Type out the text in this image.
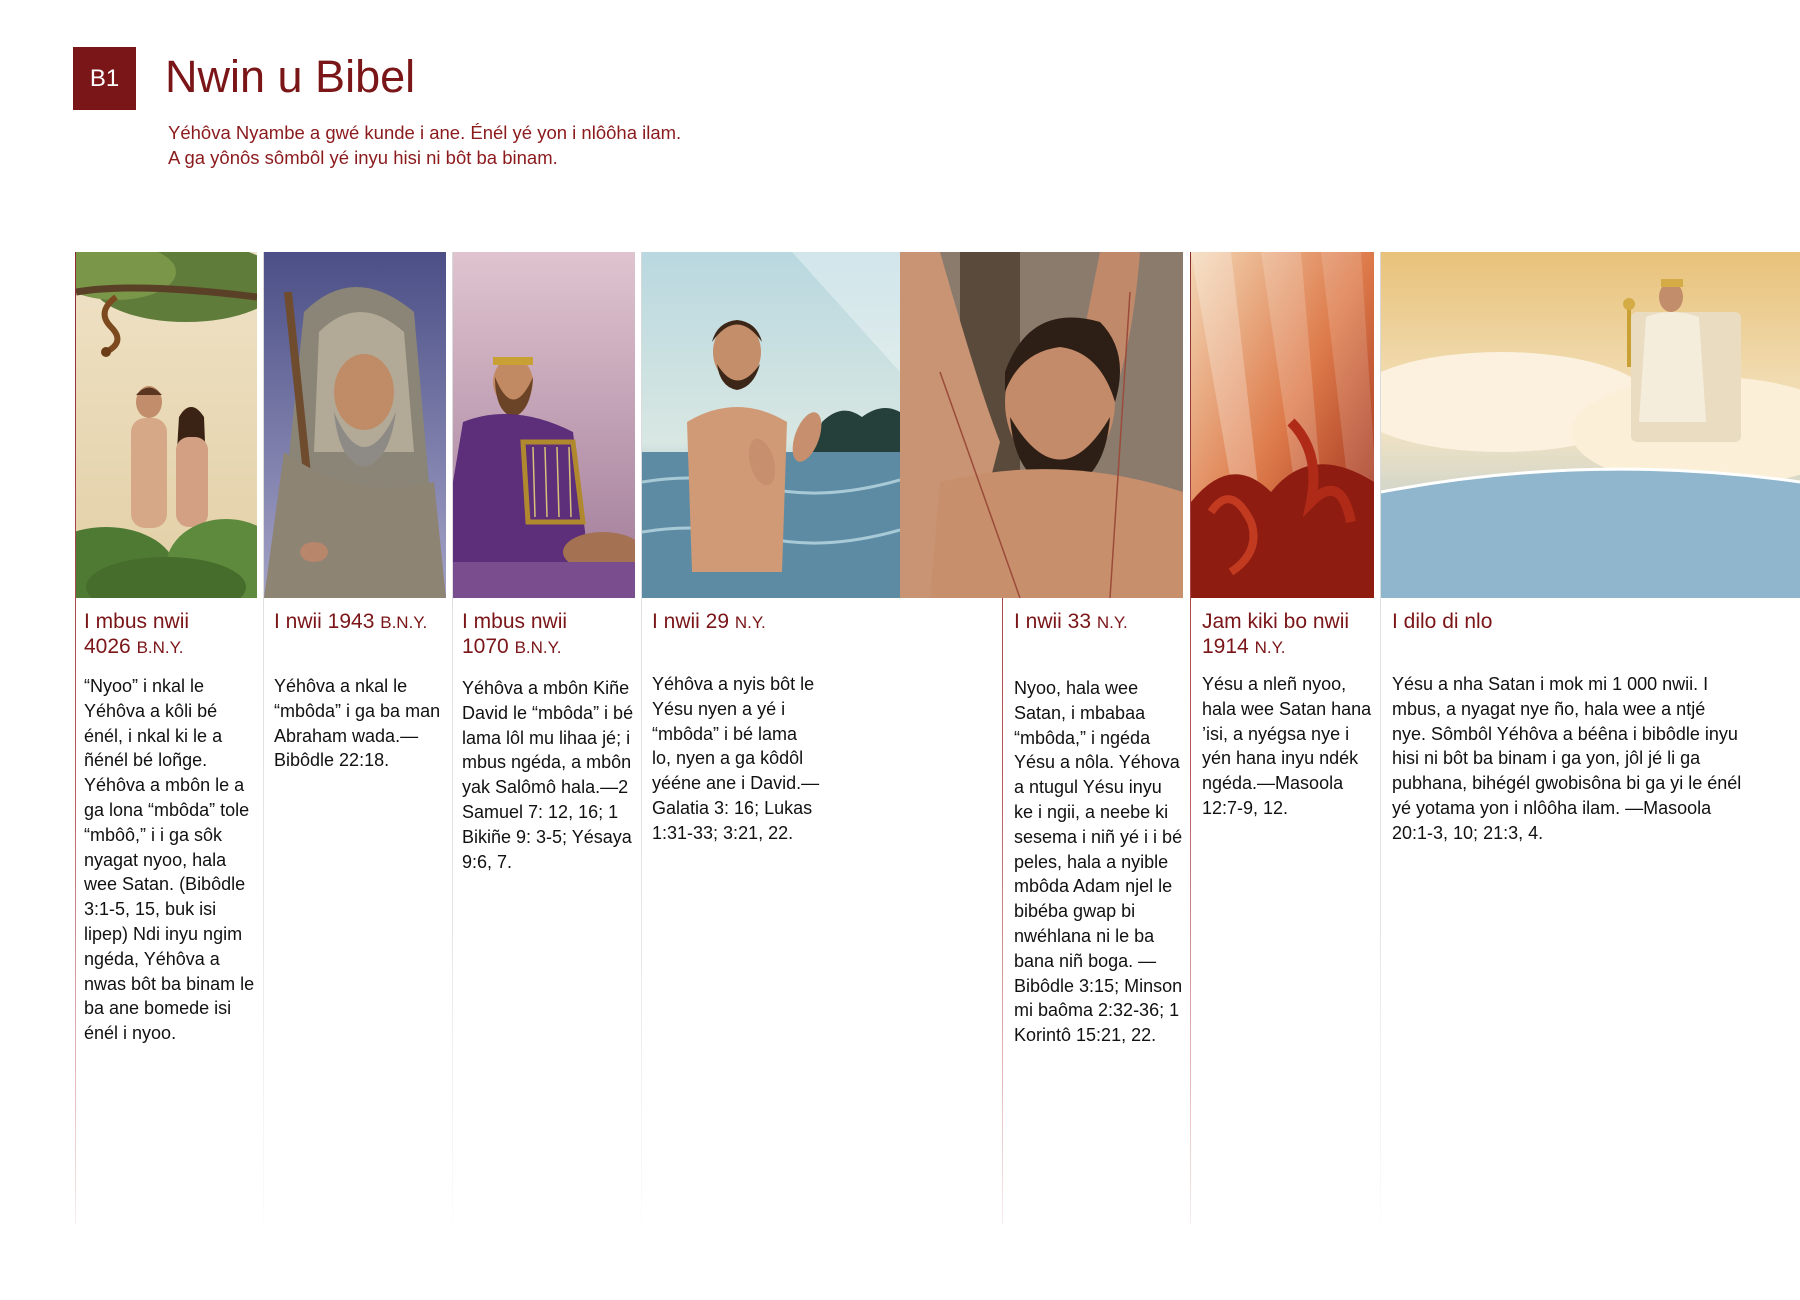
B1	Nwin u Bibel
Yéhôva Nyambe a gwé kunde i ane. Énél yé yon i nlôôha ilam.
A ga yônôs sômbôl yé inyu hisi ni bôt ba binam.
I mbus nwii
4026 B.N.Y.
“Nyoo” i nkal le Yéhôva a kôli bé énél, i nkal ki le a ñénél bé loñge. Yéhôva a mbôn le a ga lona “mbôda” tole “mbôô,” i i ga sôk nyagat nyoo, hala wee Satan. (Bibôdle 3:1-5, 15, buk isi lipep) Ndi inyu ngim ngéda, Yéhôva a nwas bôt ba binam le ba ane bomede isi énél i nyoo.
I nwii 1943 B.N.Y.
Yéhôva a nkal le “mbôda” i ga ba man Abraham wada.—Bibôdle 22:18.
I mbus nwii
1070 B.N.Y.
Yéhôva a mbôn Kiñe David le “mbôda” i bé lama lôl mu lihaa jé; i mbus ngéda, a mbôn yak Salômô hala.—2 Samuel 7: 12, 16; 1 Bikiñe 9: 3-5; Yésaya 9:6, 7.
I nwii 29 N.Y.
Yéhôva a nyis bôt le Yésu nyen a yé i “mbôda” i bé lama lo, nyen a ga kôdôl yééne ane i David.—Galatia 3: 16; Lukas 1:31-33; 3:21, 22.
I nwii 33 N.Y.
Nyoo, hala wee Satan, i mbabaa “mbôda,” i ngéda Yésu a nôla. Yéhova a ntugul Yésu inyu ke i ngii, a neebe ki sesema i niñ yé i i bé peles, hala a nyible mbôda Adam njel le bibéba gwap bi nwéhlana ni le ba bana niñ boga. —Bibôdle 3:15; Minson mi baôma 2:32-36; 1 Korintô 15:21, 22.
Jam kiki bo nwii
1914 N.Y.
Yésu a nleñ nyoo, hala wee Satan hana ’isi, a nyégsa nye i yén hana inyu ndék ngéda.—Masoola 12:7-9, 12.
I dilo di nlo
Yésu a nha Satan i mok mi 1 000 nwii. I mbus, a nyagat nye ño, hala wee a ntjé nye. Sômbôl Yéhôva a béêna i bibôdle inyu hisi ni bôt ba binam i ga yon, jôl jé li ga pubhana, bihégél gwobisôna bi ga yi le énél yé yotama yon i nlôôha ilam. —Masoola 20:1-3, 10; 21:3, 4.
